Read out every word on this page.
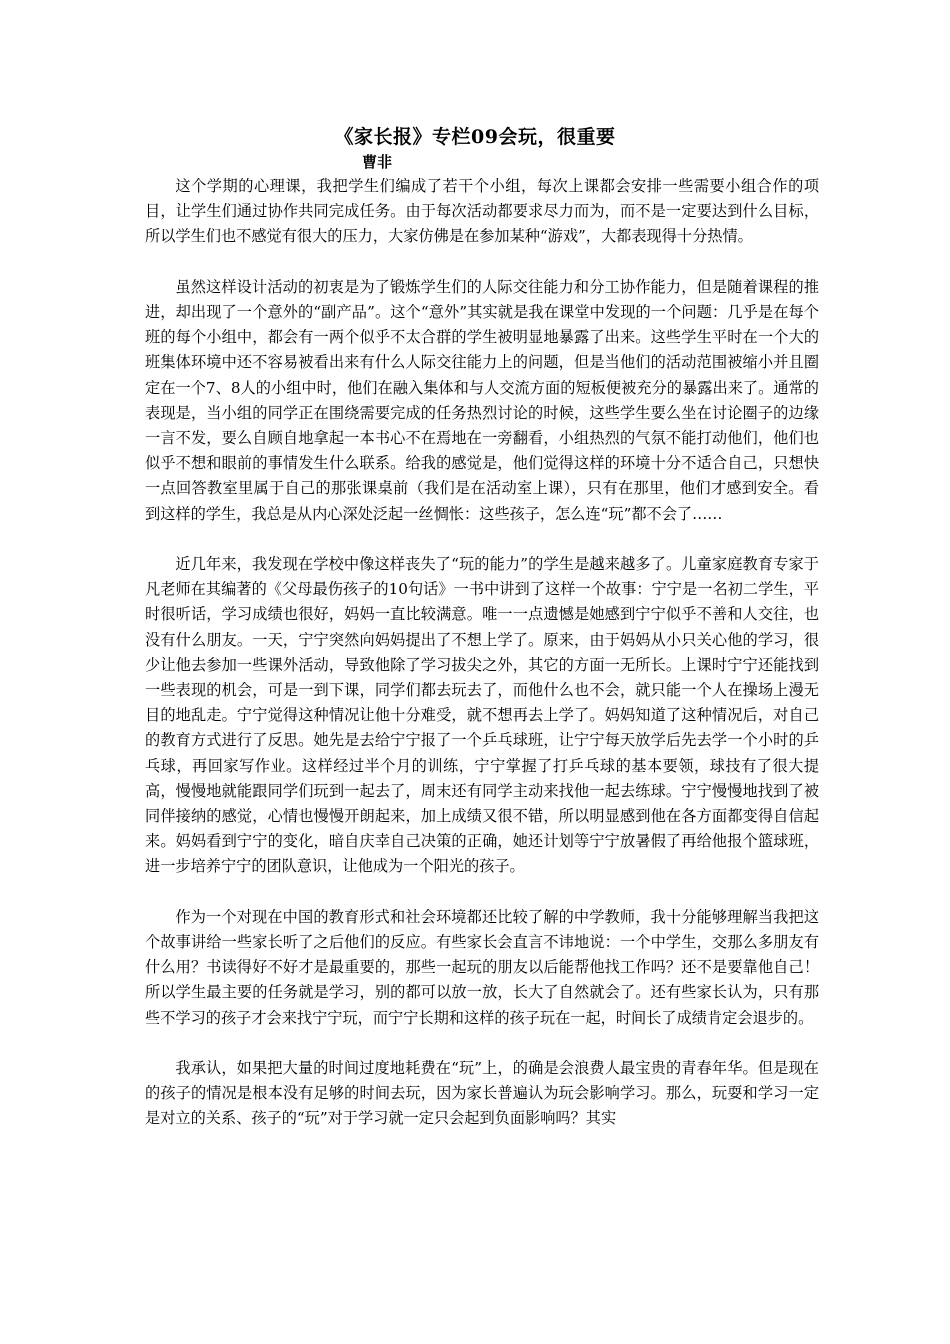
《家长报》专栏09会玩，很重要
曹非

这个学期的心理课，我把学生们编成了若干个小组，每次上课都会安排一些需要小组合作的项目，让学生们通过协作共同完成任务。由于每次活动都要求尽力而为，而不是一定要达到什么目标，所以学生们也不感觉有很大的压力，大家仿佛是在参加某种“游戏”，大都表现得十分热情。

虽然这样设计活动的初衷是为了锻炼学生们的人际交往能力和分工协作能力，但是随着课程的推进，却出现了一个意外的“副产品”。这个“意外”其实就是我在课堂中发现的一个问题：几乎是在每个班的每个小组中，都会有一两个似乎不太合群的学生被明显地暴露了出来。这些学生平时在一个大的班集体环境中还不容易被看出来有什么人际交往能力上的问题，但是当他们的活动范围被缩小并且圈定在一个7、8人的小组中时，他们在融入集体和与人交流方面的短板便被充分的暴露出来了。通常的表现是，当小组的同学正在围绕需要完成的任务热烈讨论的时候，这些学生要么坐在讨论圈子的边缘一言不发，要么自顾自地拿起一本书心不在焉地在一旁翻看，小组热烈的气氛不能打动他们，他们也似乎不想和眼前的事情发生什么联系。给我的感觉是，他们觉得这样的环境十分不适合自己，只想快一点回答教室里属于自己的那张课桌前（我们是在活动室上课），只有在那里，他们才感到安全。看到这样的学生，我总是从内心深处泛起一丝惆怅：这些孩子，怎么连“玩”都不会了……

近几年来，我发现在学校中像这样丧失了“玩的能力”的学生是越来越多了。儿童家庭教育专家于凡老师在其编著的《父母最伤孩子的10句话》一书中讲到了这样一个故事：宁宁是一名初二学生，平时很听话，学习成绩也很好，妈妈一直比较满意。唯一一点遗憾是她感到宁宁似乎不善和人交往，也没有什么朋友。一天，宁宁突然向妈妈提出了不想上学了。原来，由于妈妈从小只关心他的学习，很少让他去参加一些课外活动，导致他除了学习拔尖之外，其它的方面一无所长。上课时宁宁还能找到一些表现的机会，可是一到下课，同学们都去玩去了，而他什么也不会，就只能一个人在操场上漫无目的地乱走。宁宁觉得这种情况让他十分难受，就不想再去上学了。妈妈知道了这种情况后，对自己的教育方式进行了反思。她先是去给宁宁报了一个乒乓球班，让宁宁每天放学后先去学一个小时的乒乓球，再回家写作业。这样经过半个月的训练，宁宁掌握了打乒乓球的基本要领，球技有了很大提高，慢慢地就能跟同学们玩到一起去了，周末还有同学主动来找他一起去练球。宁宁慢慢地找到了被同伴接纳的感觉，心情也慢慢开朗起来，加上成绩又很不错，所以明显感到他在各方面都变得自信起来。妈妈看到宁宁的变化，暗自庆幸自己决策的正确，她还计划等宁宁放暑假了再给他报个篮球班，进一步培养宁宁的团队意识，让他成为一个阳光的孩子。

作为一个对现在中国的教育形式和社会环境都还比较了解的中学教师，我十分能够理解当我把这个故事讲给一些家长听了之后他们的反应。有些家长会直言不讳地说：一个中学生，交那么多朋友有什么用？书读得好不好才是最重要的，那些一起玩的朋友以后能帮他找工作吗？还不是要靠他自己！所以学生最主要的任务就是学习，别的都可以放一放，长大了自然就会了。还有些家长认为，只有那些不学习的孩子才会来找宁宁玩，而宁宁长期和这样的孩子玩在一起，时间长了成绩肯定会退步的。

我承认，如果把大量的时间过度地耗费在“玩”上，的确是会浪费人最宝贵的青春年华。但是现在的孩子的情况是根本没有足够的时间去玩，因为家长普遍认为玩会影响学习。那么，玩耍和学习一定是对立的关系、孩子的“玩”对于学习就一定只会起到负面影响吗？其实
